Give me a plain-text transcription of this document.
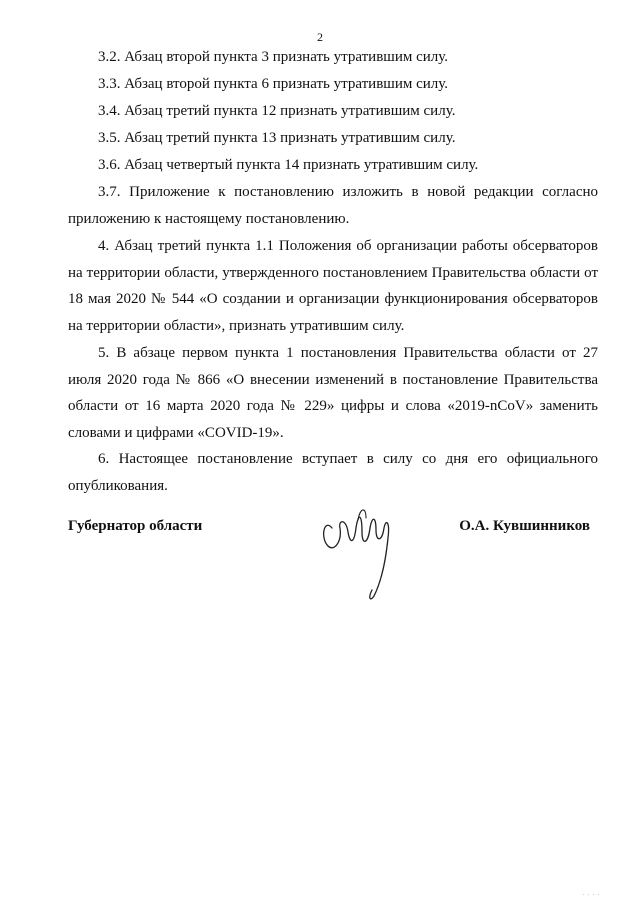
2
3.2. Абзац второй пункта 3 признать утратившим силу.
3.3. Абзац второй пункта 6 признать утратившим силу.
3.4. Абзац третий пункта 12 признать утратившим силу.
3.5. Абзац третий пункта 13 признать утратившим силу.
3.6. Абзац четвертый пункта 14 признать утратившим силу.

3.7. Приложение к постановлению изложить в новой редакции согласно приложению к настоящему постановлению.

4. Абзац третий пункта 1.1 Положения об организации работы обсерваторов на территории области, утвержденного постановлением Правительства области от 18 мая 2020 № 544 «О создании и организации функционирования обсерваторов на территории области», признать утратившим силу.

5. В абзаце первом пункта 1 постановления Правительства области от 27 июля 2020 года № 866 «О внесении изменений в постановление Правительства области от 16 марта 2020 года № 229» цифры и слова «2019-nCoV» заменить словами и цифрами «COVID-19».

6. Настоящее постановление вступает в силу со дня его официального опубликования.

Губернатор области	О.А. Кувшинников
. . . .
